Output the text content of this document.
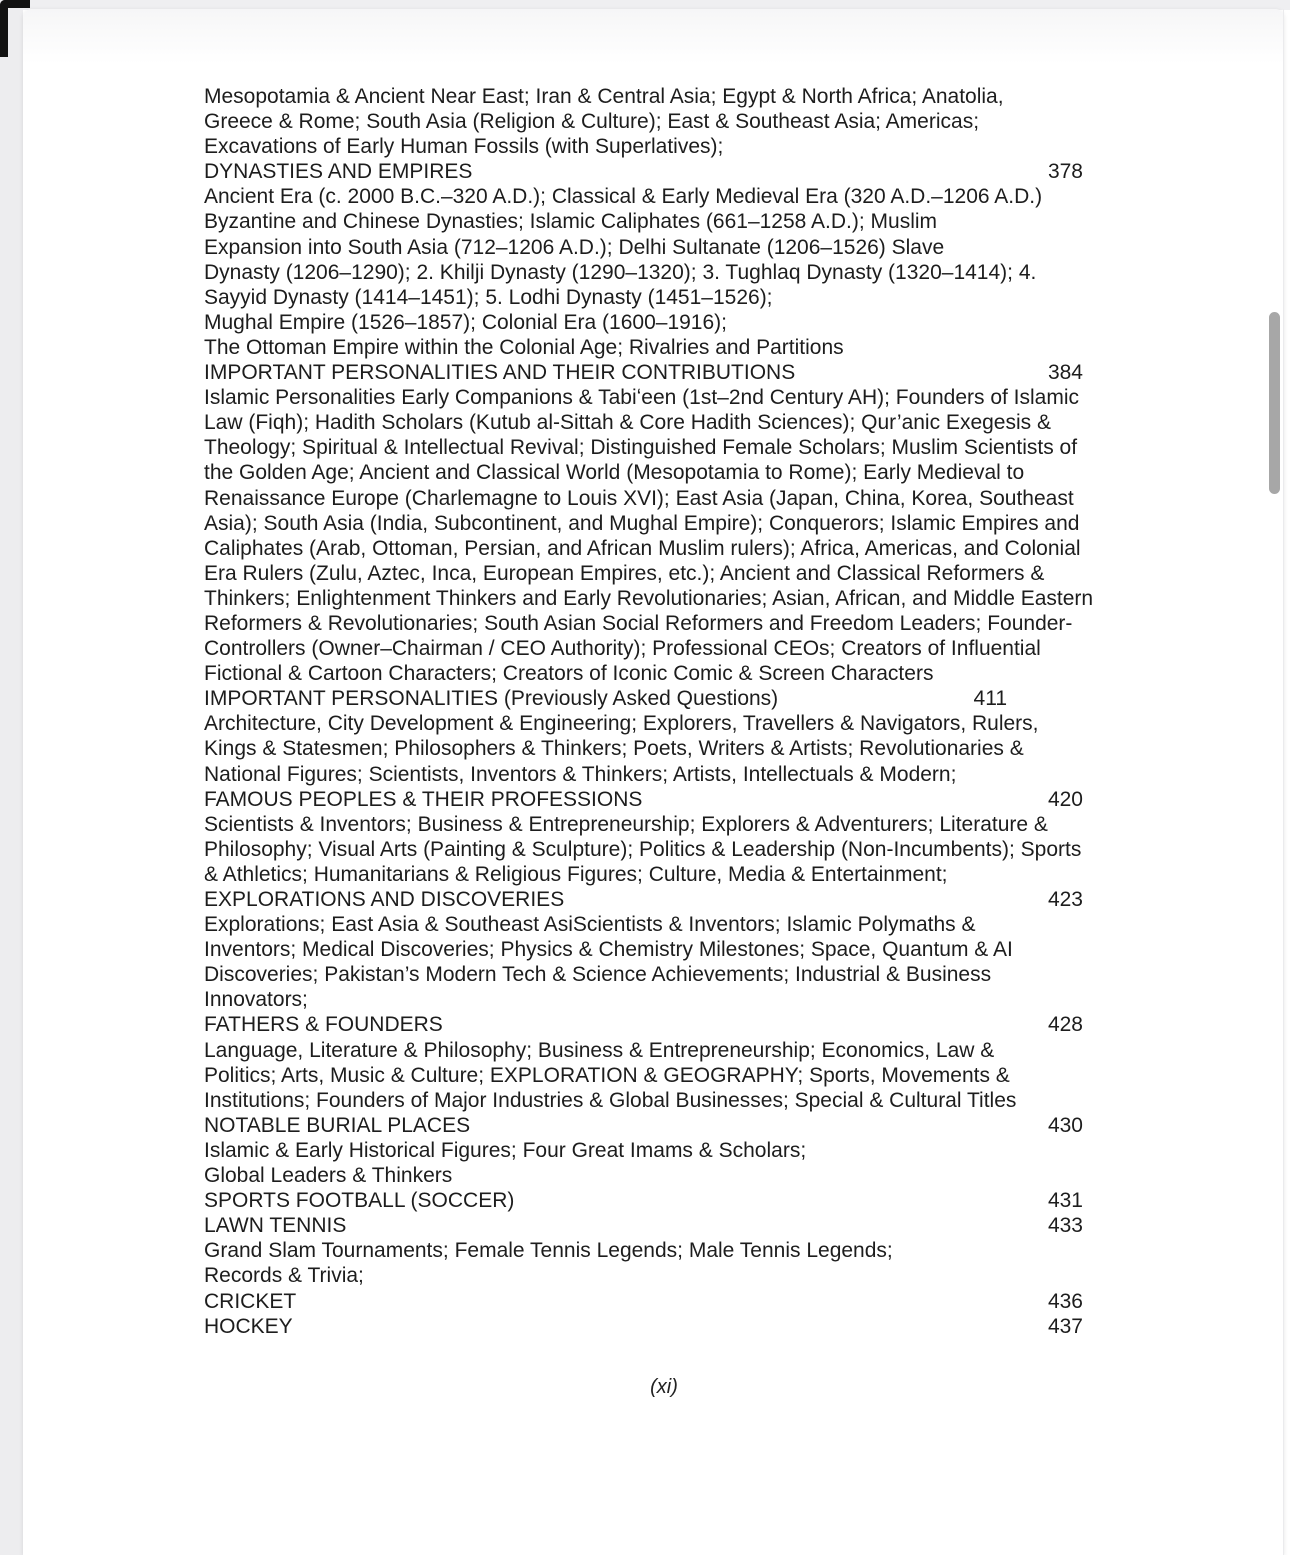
Mesopotamia & Ancient Near East; Iran & Central Asia; Egypt & North Africa; Anatolia,
Greece & Rome; South Asia (Religion & Culture); East & Southeast Asia; Americas;
Excavations of Early Human Fossils (with Superlatives);
DYNASTIES AND EMPIRES	378
Ancient Era (c. 2000 B.C.–320 A.D.); Classical & Early Medieval Era (320 A.D.–1206 A.D.)
Byzantine and Chinese Dynasties; Islamic Caliphates (661–1258 A.D.); Muslim
Expansion into South Asia (712–1206 A.D.); Delhi Sultanate (1206–1526) Slave
Dynasty (1206–1290); 2. Khilji Dynasty (1290–1320); 3. Tughlaq Dynasty (1320–1414); 4.
Sayyid Dynasty (1414–1451); 5. Lodhi Dynasty (1451–1526);
Mughal Empire (1526–1857); Colonial Era (1600–1916);
The Ottoman Empire within the Colonial Age; Rivalries and Partitions
IMPORTANT PERSONALITIES AND THEIR CONTRIBUTIONS	384
Islamic Personalities Early Companions & Tabiʻeen (1st–2nd Century AH); Founders of Islamic
Law (Fiqh); Hadith Scholars (Kutub al-Sittah & Core Hadith Sciences); Qur’anic Exegesis &
Theology; Spiritual & Intellectual Revival; Distinguished Female Scholars; Muslim Scientists of
the Golden Age; Ancient and Classical World (Mesopotamia to Rome); Early Medieval to
Renaissance Europe (Charlemagne to Louis XVI); East Asia (Japan, China, Korea, Southeast
Asia); South Asia (India, Subcontinent, and Mughal Empire); Conquerors; Islamic Empires and
Caliphates (Arab, Ottoman, Persian, and African Muslim rulers); Africa, Americas, and Colonial
Era Rulers (Zulu, Aztec, Inca, European Empires, etc.); Ancient and Classical Reformers &
Thinkers; Enlightenment Thinkers and Early Revolutionaries; Asian, African, and Middle Eastern
Reformers & Revolutionaries; South Asian Social Reformers and Freedom Leaders; Founder-
Controllers (Owner–Chairman / CEO Authority); Professional CEOs; Creators of Influential
Fictional & Cartoon Characters; Creators of Iconic Comic & Screen Characters
IMPORTANT PERSONALITIES (Previously Asked Questions)	411
Architecture, City Development & Engineering; Explorers, Travellers & Navigators, Rulers,
Kings & Statesmen; Philosophers & Thinkers; Poets, Writers & Artists; Revolutionaries &
National Figures; Scientists, Inventors & Thinkers; Artists, Intellectuals & Modern;
FAMOUS PEOPLES & THEIR PROFESSIONS	420
Scientists & Inventors; Business & Entrepreneurship; Explorers & Adventurers; Literature &
Philosophy; Visual Arts (Painting & Sculpture); Politics & Leadership (Non-Incumbents); Sports
& Athletics; Humanitarians & Religious Figures; Culture, Media & Entertainment;
EXPLORATIONS AND DISCOVERIES	423
Explorations; East Asia & Southeast AsiScientists & Inventors; Islamic Polymaths &
Inventors; Medical Discoveries; Physics & Chemistry Milestones; Space, Quantum & AI
Discoveries; Pakistan’s Modern Tech & Science Achievements; Industrial & Business
Innovators;
FATHERS & FOUNDERS	428
Language, Literature & Philosophy; Business & Entrepreneurship; Economics, Law &
Politics; Arts, Music & Culture; EXPLORATION & GEOGRAPHY; Sports, Movements &
Institutions; Founders of Major Industries & Global Businesses; Special & Cultural Titles
NOTABLE BURIAL PLACES	430
Islamic & Early Historical Figures; Four Great Imams & Scholars;
Global Leaders & Thinkers
SPORTS FOOTBALL (SOCCER)	431
LAWN TENNIS	433
Grand Slam Tournaments; Female Tennis Legends; Male Tennis Legends;
Records & Trivia;
CRICKET	436
HOCKEY	437
(xi)
